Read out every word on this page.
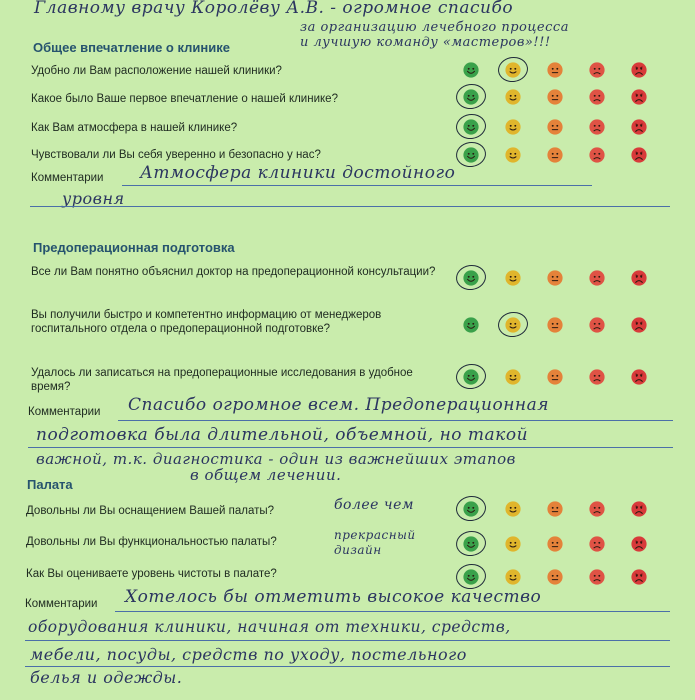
Главному врачу Королёву А.В. - огромное спасибо
за организацию лечебного процесса
и лучшую команду «мастеров»!!!
Общее впечатление о клинике
Удобно ли Вам расположение нашей клиники?
Какое было Ваше первое впечатление о нашей клинике?
Как Вам атмосфера в нашей клинике?
Чувствовали ли Вы себя уверенно и безопасно у нас?
Комментарии Атмосфера клиники достойного
уровня
Предоперационная подготовка
Все ли Вам понятно объяснил доктор на предоперационной консультации?
Вы получили быстро и компетентно информацию от менеджеров госпитального отдела о предоперационной подготовке?
Удалось ли записаться на предоперационные исследования в удобное время?
Комментарии Спасибо огромное всем. Предоперационная
подготовка была длительной, объемной, но такой
важной, т.к. диагностика - один из важнейших этапов
в общем лечении.
Палата
Довольны ли Вы оснащением Вашей палаты?	более чем
Довольны ли Вы функциональностью палаты?	прекрасный дизайн
Как Вы оцениваете уровень чистоты в палате?
Комментарии Хотелось бы отметить высокое качество
оборудования клиники, начиная от техники, средств,
мебели, посуды, средств по уходу, постельного
белья и одежды.
